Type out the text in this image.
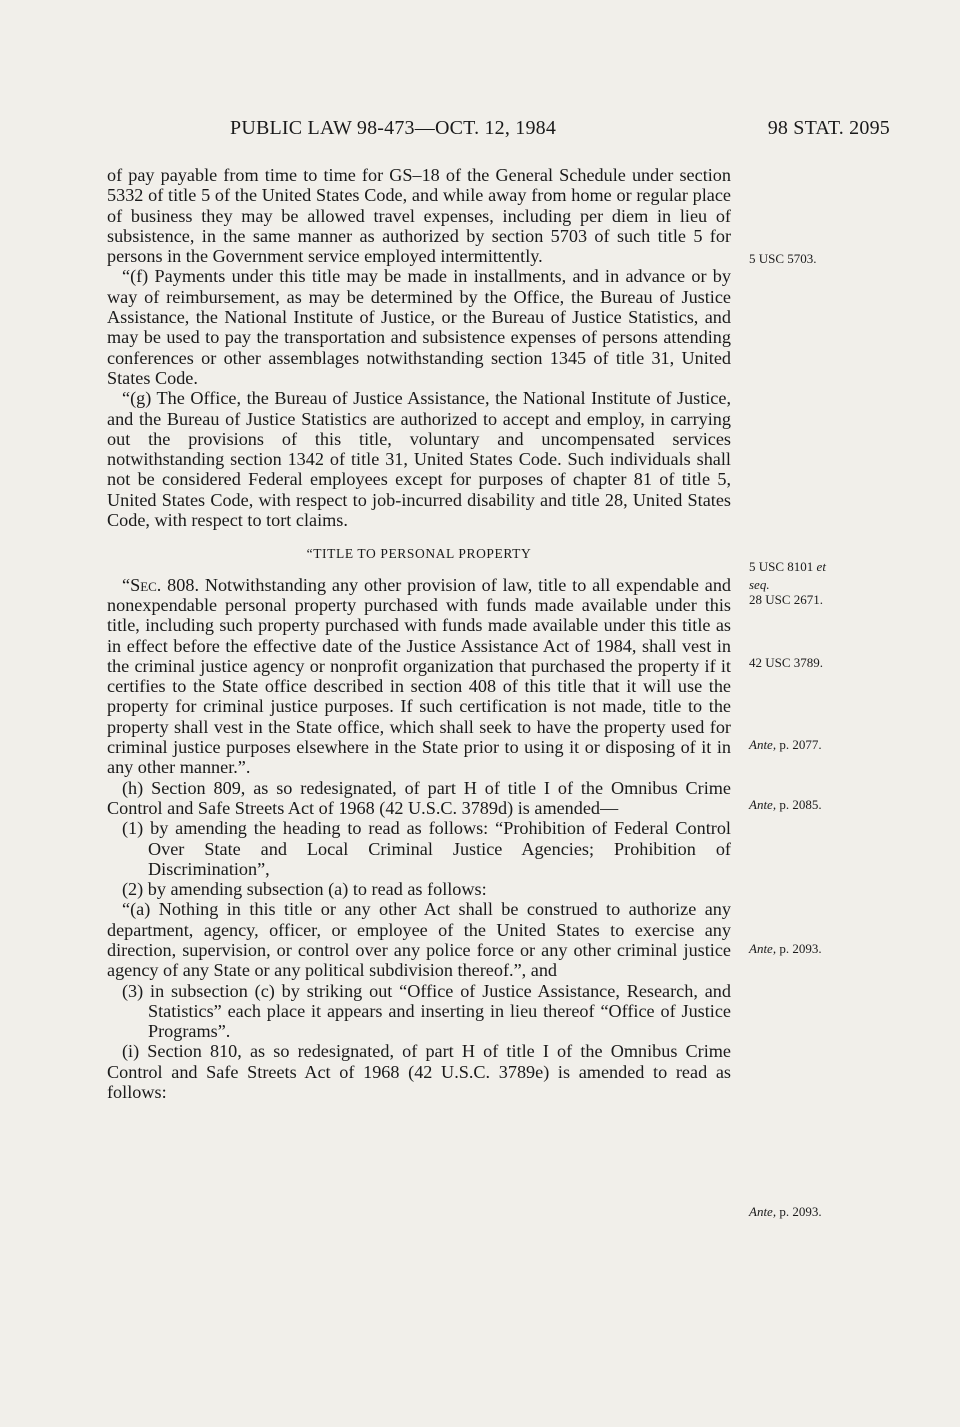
PUBLIC LAW 98-473—OCT. 12, 1984	98 STAT. 2095

of pay payable from time to time for GS–18 of the General Schedule under section 5332 of title 5 of the United States Code, and while away from home or regular place of business they may be allowed travel expenses, including per diem in lieu of subsistence, in the same manner as authorized by section 5703 of such title 5 for persons in the Government service employed intermittently.

“(f) Payments under this title may be made in installments, and in advance or by way of reimbursement, as may be determined by the Office, the Bureau of Justice Assistance, the National Institute of Justice, or the Bureau of Justice Statistics, and may be used to pay the transportation and subsistence expenses of persons attending conferences or other assemblages notwithstanding section 1345 of title 31, United States Code.

“(g) The Office, the Bureau of Justice Assistance, the National Institute of Justice, and the Bureau of Justice Statistics are authorized to accept and employ, in carrying out the provisions of this title, voluntary and uncompensated services notwithstanding section 1342 of title 31, United States Code. Such individuals shall not be considered Federal employees except for purposes of chapter 81 of title 5, United States Code, with respect to job-incurred disability and title 28, United States Code, with respect to tort claims.

“TITLE TO PERSONAL PROPERTY

“Sec. 808. Notwithstanding any other provision of law, title to all expendable and nonexpendable personal property purchased with funds made available under this title, including such property purchased with funds made available under this title as in effect before the effective date of the Justice Assistance Act of 1984, shall vest in the criminal justice agency or nonprofit organization that purchased the property if it certifies to the State office described in section 408 of this title that it will use the property for criminal justice purposes. If such certification is not made, title to the property shall vest in the State office, which shall seek to have the property used for criminal justice purposes elsewhere in the State prior to using it or disposing of it in any other manner.”.

(h) Section 809, as so redesignated, of part H of title I of the Omnibus Crime Control and Safe Streets Act of 1968 (42 U.S.C. 3789d) is amended—

(1) by amending the heading to read as follows: “Prohibition of Federal Control Over State and Local Criminal Justice Agencies; Prohibition of Discrimination”,

(2) by amending subsection (a) to read as follows:

“(a) Nothing in this title or any other Act shall be construed to authorize any department, agency, officer, or employee of the United States to exercise any direction, supervision, or control over any police force or any other criminal justice agency of any State or any political subdivision thereof.”, and

(3) in subsection (c) by striking out “Office of Justice Assistance, Research, and Statistics” each place it appears and inserting in lieu thereof “Office of Justice Programs”.

(i) Section 810, as so redesignated, of part H of title I of the Omnibus Crime Control and Safe Streets Act of 1968 (42 U.S.C. 3789e) is amended to read as follows:

5 USC 5703.
5 USC 8101 et
seq.
28 USC 2671.
42 USC 3789.
Ante, p. 2077.
Ante, p. 2085.
Ante, p. 2093.
Ante, p. 2093.
